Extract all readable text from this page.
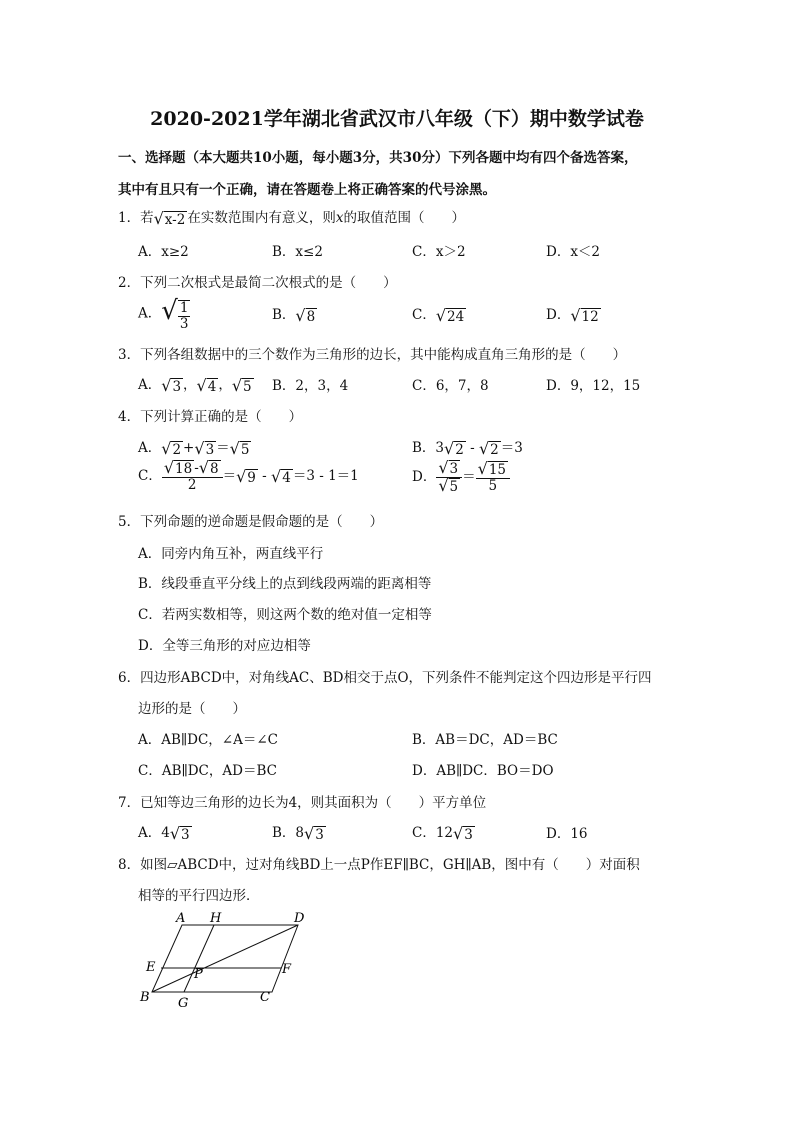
2020-2021学年湖北省武汉市八年级（下）期中数学试卷
一、选择题（本大题共10小题，每小题3分，共30分）下列各题中均有四个备选答案，
其中有且只有一个正确，请在答题卷上将正确答案的代号涂黑。
1．若√x-2 在实数范围内有意义，则x的取值范围（　　）
A．x≥2	B．x≤2	C．x＞2	D．x＜2
2．下列二次根式是最简二次根式的是（　　）
A．√ $\frac{1}{3}$	B．√8	C．√24	D．√12
3．下列各组数据中的三个数作为三角形的边长，其中能构成直角三角形的是（　　）
A．√3 ，√4 ，√5 B．2，3，4	C．6，7，8	D．9，12，15
4．下列计算正确的是（　　）
A．√2 +√3 ＝√5	B．3√2 - √2 ＝3
C． $\frac{√18 -√8}{2} =√9 - √4 =3 - 1=1$	D． $\frac{√3}{√5} = \frac{√15}{5}$
5．下列命题的逆命题是假命题的是（　　）
A．同旁内角互补，两直线平行
B．线段垂直平分线上的点到线段两端的距离相等
C．若两实数相等，则这两个数的绝对值一定相等
D．全等三角形的对应边相等
6．四边形ABCD中，对角线AC、BD相交于点O，下列条件不能判定这个四边形是平行四
边形的是（　　）
A．AB∥DC，∠A＝∠C	B．AB＝DC，AD＝BC
C．AB∥DC，AD＝BC	D．AB∥DC．BO＝DO
7．已知等边三角形的边长为4，则其面积为（　　）平方单位
A．4√3	B．8√3	C．12√3	D．16
8．如图▱ABCD中，过对角线BD上一点P作EF∥BC，GH∥AB，图中有（　　）对面积
相等的平行四边形．
A H	D
E	P	F
B G	C
